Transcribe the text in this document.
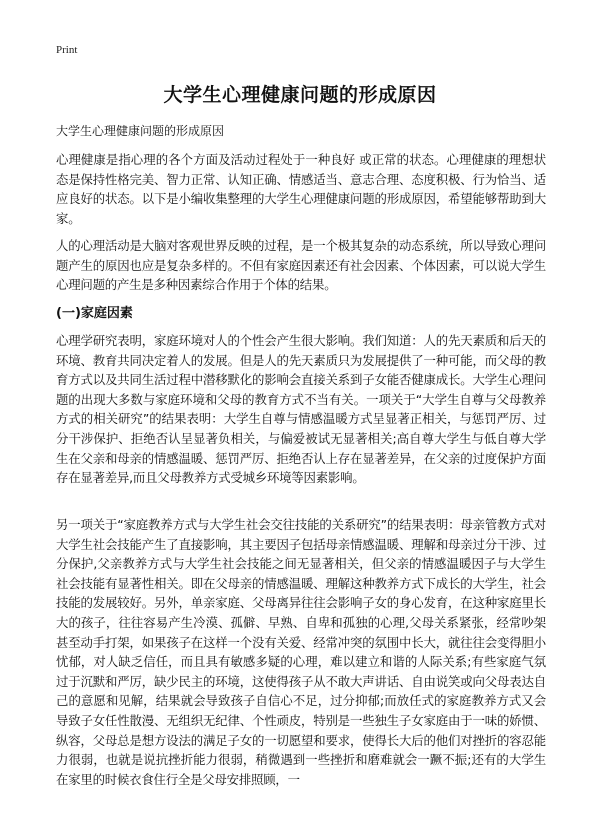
Print
大学生心理健康问题的形成原因
大学生心理健康问题的形成原因
心理健康是指心理的各个方面及活动过程处于一种良好 或正常的状态。心理健康的理想状态是保持性格完美、智力正常、认知正确、情感适当、意志合理、态度积极、行为恰当、适应良好的状态。以下是小编收集整理的大学生心理健康问题的形成原因，希望能够帮助到大家。
人的心理活动是大脑对客观世界反映的过程，是一个极其复杂的动态系统，所以导致心理问题产生的原因也应是复杂多样的。不但有家庭因素还有社会因素、个体因素，可以说大学生心理问题的产生是多种因素综合作用于个体的结果。
(一)家庭因素
心理学研究表明，家庭环境对人的个性会产生很大影响。我们知道：人的先天素质和后天的环境、教育共同决定着人的发展。但是人的先天素质只为发展提供了一种可能，而父母的教育方式以及共同生活过程中潜移默化的影响会直接关系到子女能否健康成长。大学生心理问题的出现大多数与家庭环境和父母的教育方式不当有关。一项关于“大学生自尊与父母教养方式的相关研究”的结果表明：大学生自尊与情感温暖方式呈显著正相关，与惩罚严厉、过分干涉保护、拒绝否认呈显著负相关，与偏爱被试无显著相关;高自尊大学生与低自尊大学生在父亲和母亲的情感温暖、惩罚严厉、拒绝否认上存在显著差异，在父亲的过度保护方面存在显著差异,而且父母教养方式受城乡环境等因素影响。
另一项关于“家庭教养方式与大学生社会交往技能的关系研究”的结果表明：母亲管教方式对大学生社会技能产生了直接影响，其主要因子包括母亲情感温暖、理解和母亲过分干涉、过分保护,父亲教养方式与大学生社会技能之间无显著相关，但父亲的情感温暖因子与大学生社会技能有显著性相关。即在父母亲的情感温暖、理解这种教养方式下成长的大学生，社会技能的发展较好。另外，单亲家庭、父母离异往往会影响子女的身心发育，在这种家庭里长大的孩子，往往容易产生冷漠、孤僻、早熟、自卑和孤独的心理,父母关系紧张，经常吵架甚至动手打架，如果孩子在这样一个没有关爱、经常冲突的氛围中长大，就往往会变得胆小忧郁，对人缺乏信任，而且具有敏感多疑的心理，难以建立和谐的人际关系;有些家庭气氛过于沉默和严厉，缺少民主的环境，这使得孩子从不敢大声讲话、自由说笑或向父母表达自己的意愿和见解，结果就会导致孩子自信心不足，过分抑郁;而放任式的家庭教养方式又会导致子女任性散漫、无组织无纪律、个性顽皮，特别是一些独生子女家庭由于一味的娇惯、纵容，父母总是想方设法的满足子女的一切愿望和要求，使得长大后的他们对挫折的容忍能力很弱，也就是说抗挫折能力很弱，稍微遇到一些挫折和磨难就会一蹶不振;还有的大学生在家里的时候衣食住行全是父母安排照顾，一
